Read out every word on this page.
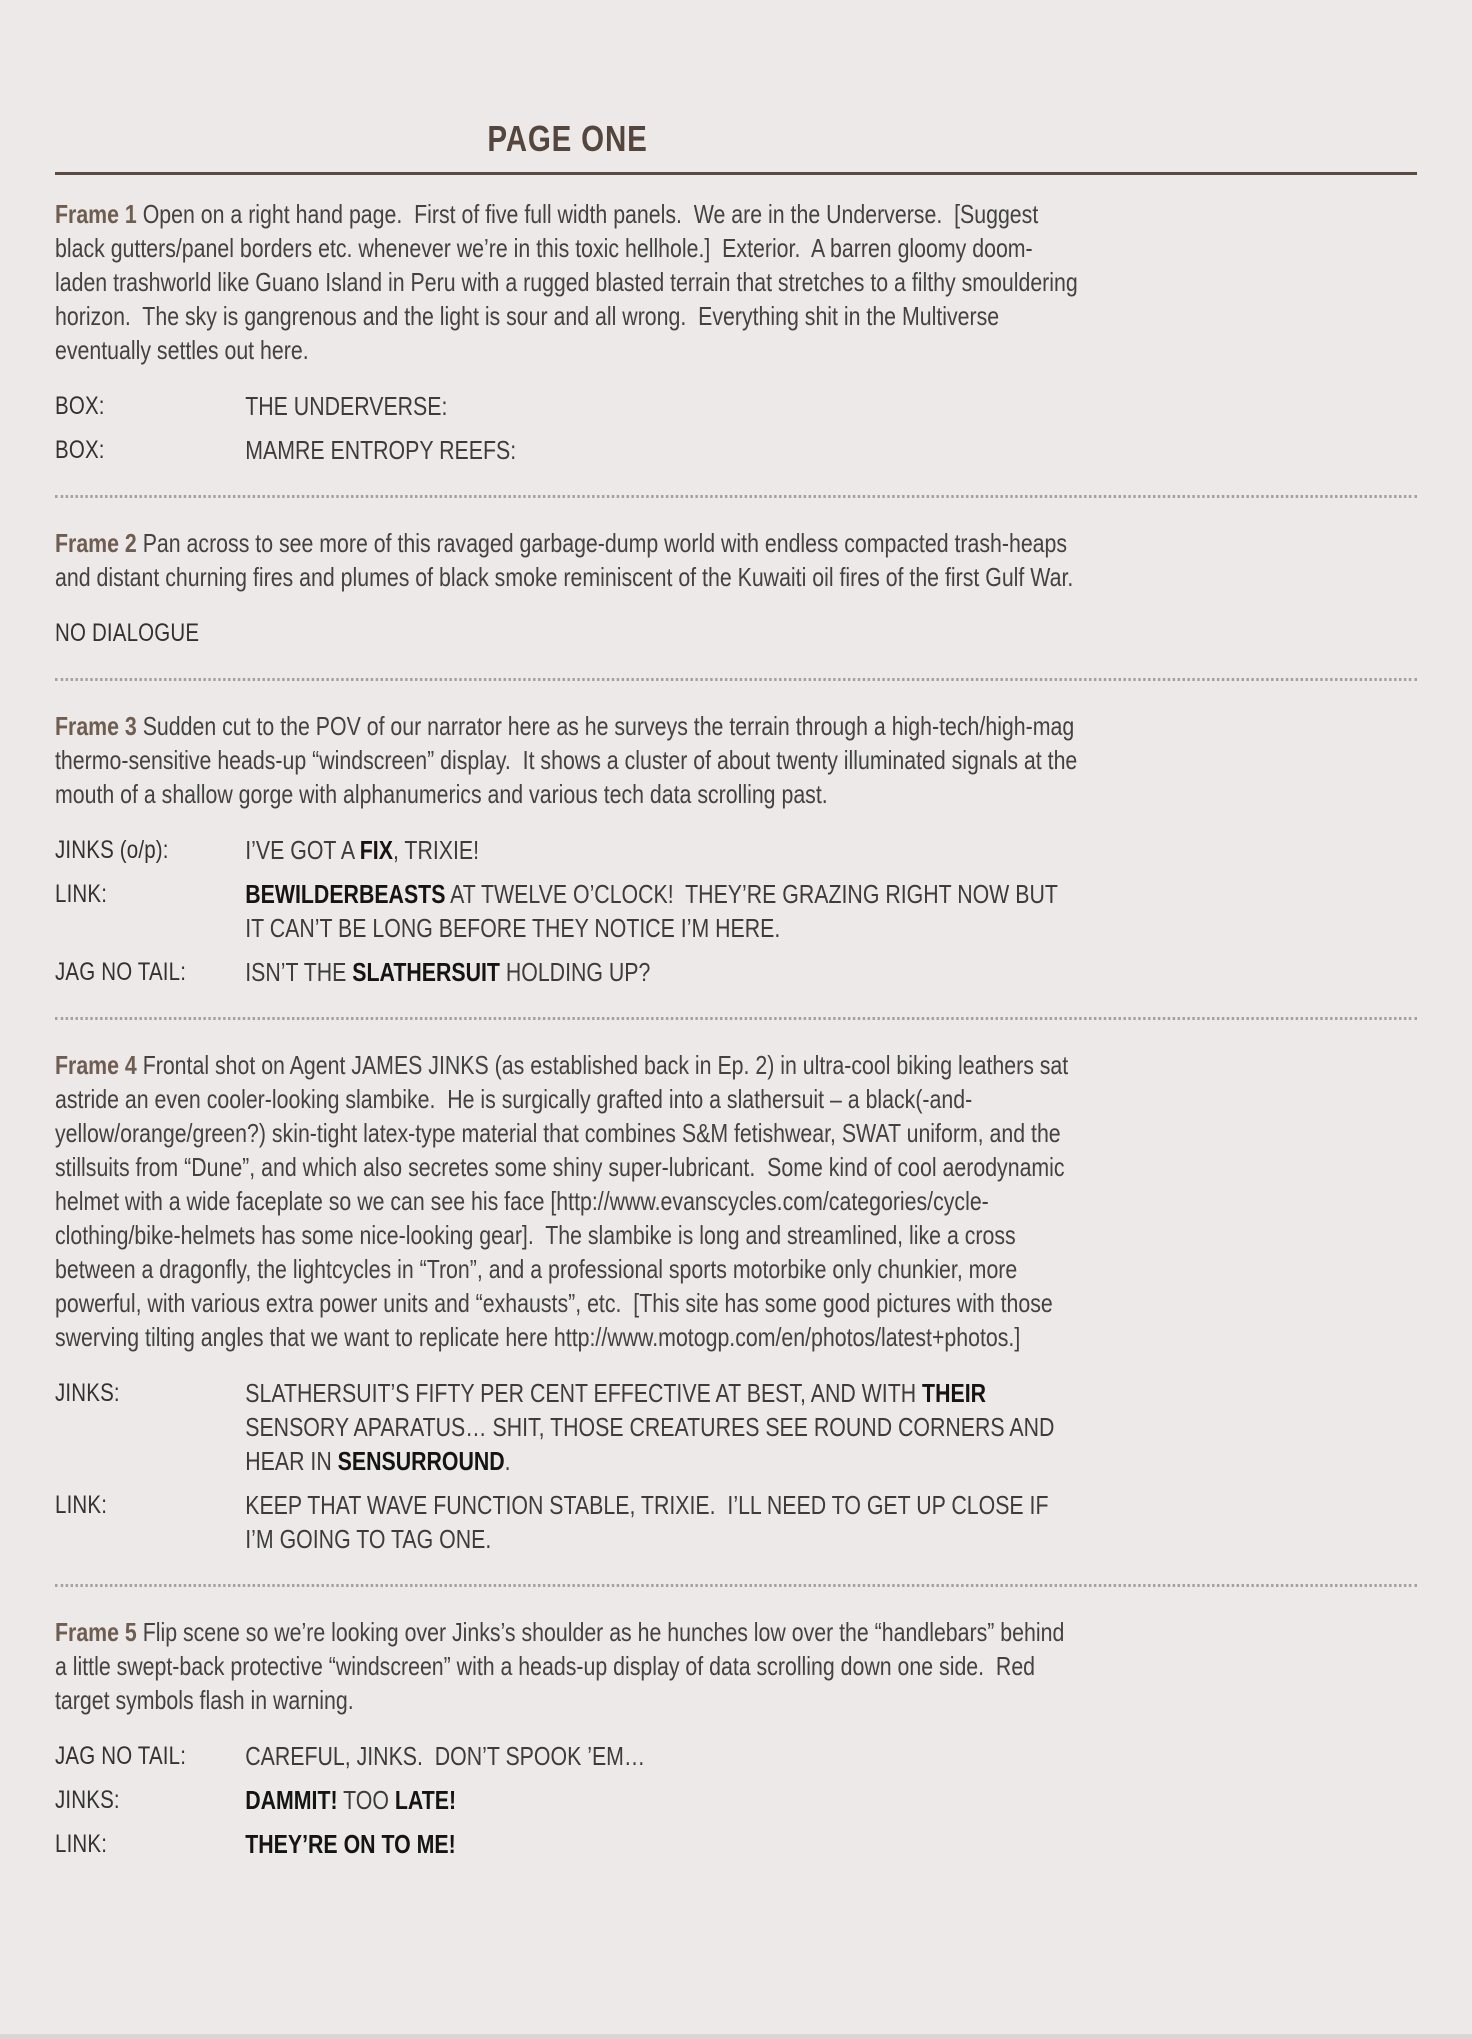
PAGE ONE

Frame 1 Open on a right hand page.  First of five full width panels.  We are in the Underverse.  [Suggest black gutters/panel borders etc. whenever we’re in this toxic hellhole.]  Exterior.  A barren gloomy doom-laden trashworld like Guano Island in Peru with a rugged blasted terrain that stretches to a filthy smouldering horizon.  The sky is gangrenous and the light is sour and all wrong.  Everything shit in the Multiverse eventually settles out here.

BOX:	THE UNDERVERSE:
BOX:	MAMRE ENTROPY REEFS:

Frame 2 Pan across to see more of this ravaged garbage-dump world with endless compacted trash-heaps and distant churning fires and plumes of black smoke reminiscent of the Kuwaiti oil fires of the first Gulf War.

NO DIALOGUE

Frame 3 Sudden cut to the POV of our narrator here as he surveys the terrain through a high-tech/high-mag thermo-sensitive heads-up “windscreen” display.  It shows a cluster of about twenty illuminated signals at the mouth of a shallow gorge with alphanumerics and various tech data scrolling past.

JINKS (o/p):	I’VE GOT A FIX, TRIXIE!
LINK:	BEWILDERBEASTS AT TWELVE O’CLOCK!  THEY’RE GRAZING RIGHT NOW BUT IT CAN’T BE LONG BEFORE THEY NOTICE I’M HERE.
JAG NO TAIL:	ISN’T THE SLATHERSUIT HOLDING UP?

Frame 4 Frontal shot on Agent JAMES JINKS (as established back in Ep. 2) in ultra-cool biking leathers sat astride an even cooler-looking slambike.  He is surgically grafted into a slathersuit – a black(-and-yellow/orange/green?) skin-tight latex-type material that combines S&M fetishwear, SWAT uniform, and the stillsuits from “Dune”, and which also secretes some shiny super-lubricant.  Some kind of cool aerodynamic helmet with a wide faceplate so we can see his face [http://www.evanscycles.com/categories/cycle-clothing/bike-helmets has some nice-looking gear].  The slambike is long and streamlined, like a cross between a dragonfly, the lightcycles in “Tron”, and a professional sports motorbike only chunkier, more powerful, with various extra power units and “exhausts”, etc.  [This site has some good pictures with those swerving tilting angles that we want to replicate here http://www.motogp.com/en/photos/latest+photos.]

JINKS:	SLATHERSUIT’S FIFTY PER CENT EFFECTIVE AT BEST, AND WITH THEIR SENSORY APARATUS… SHIT, THOSE CREATURES SEE ROUND CORNERS AND HEAR IN SENSURROUND.
LINK:	KEEP THAT WAVE FUNCTION STABLE, TRIXIE.  I’LL NEED TO GET UP CLOSE IF I’M GOING TO TAG ONE.

Frame 5 Flip scene so we’re looking over Jinks’s shoulder as he hunches low over the “handlebars” behind a little swept-back protective “windscreen” with a heads-up display of data scrolling down one side.  Red target symbols flash in warning.

JAG NO TAIL:	CAREFUL, JINKS.  DON’T SPOOK ’EM…
JINKS:	DAMMIT! TOO LATE!
LINK:	THEY’RE ON TO ME!
